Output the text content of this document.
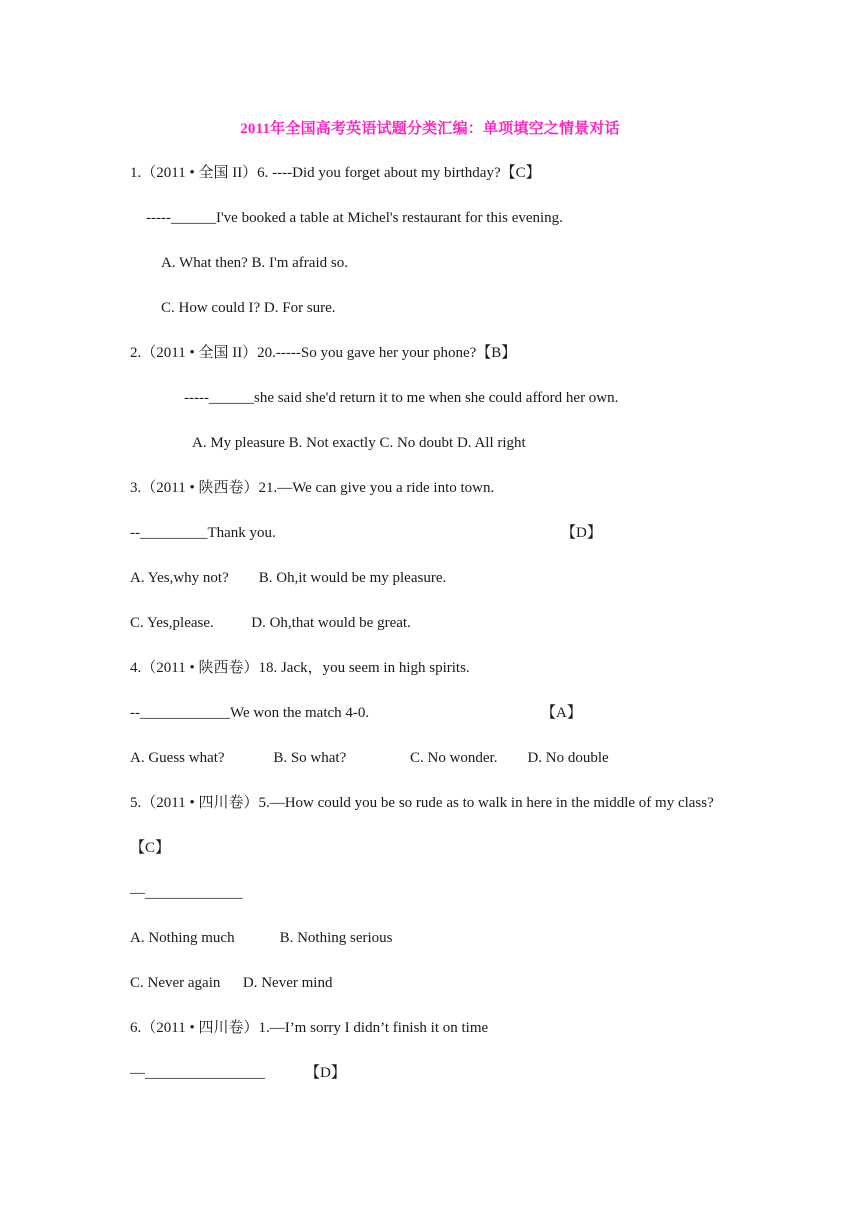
2011年全国高考英语试题分类汇编：单项填空之情景对话
1.（2011 • 全国 II）6. ----Did you forget about my birthday?【C】
-----______I've booked a table at Michel's restaurant for this evening.
A. What then? B. I'm afraid so.
C. How could I? D. For sure.
2.（2011 • 全国 II）20.-----So you gave her your phone?【B】
-----______she said she'd return it to me when she could afford her own.
A. My pleasure B. Not exactly C. No doubt D. All right
3.（2011 • 陕西卷）21.—We can give you a ride into town.
--_________Thank you.	【D】
A. Yes,why not?        B. Oh,it would be my pleasure.
C. Yes,please.          D. Oh,that would be great.
4.（2011 • 陕西卷）18. Jack，you seem in high spirits.
--____________We won the match 4-0.	【A】
A. Guess what?             B. So what?                 C. No wonder.        D. No double
5.（2011 • 四川卷）5.—How could you be so rude as to walk in here in the middle of my class?
【C】
—_____________
A. Nothing much            B. Nothing serious
C. Never again      D. Never mind
6.（2011 • 四川卷）1.—I’m sorry I didn’t finish it on time
—________________	【D】
